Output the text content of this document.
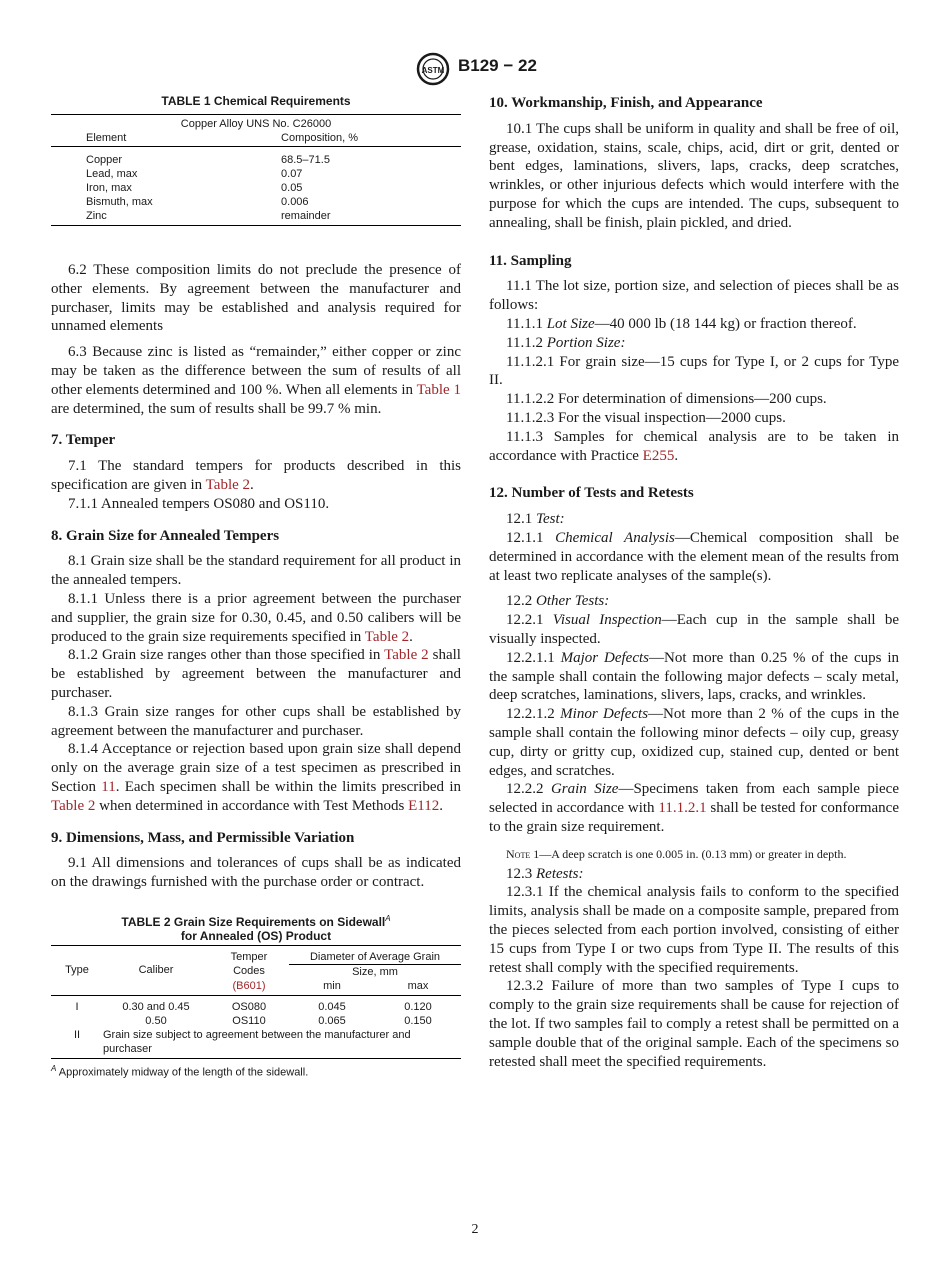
ASTM B129 − 22
TABLE 1 Chemical Requirements
Copper Alloy UNS No. C26000	
Element	Composition, %
Copper	68.5–71.5
Lead, max	0.07
Iron, max	0.05
Bismuth, max	0.006
Zinc	remainder

6.2 These composition limits do not preclude the presence of other elements. By agreement between the manufacturer and purchaser, limits may be established and analysis required for unnamed elements

6.3 Because zinc is listed as “remainder,” either copper or zinc may be taken as the difference between the sum of results of all other elements determined and 100 %. When all elements in Table 1 are determined, the sum of results shall be 99.7 % min.

7. Temper

7.1 The standard tempers for products described in this specification are given in Table 2.

7.1.1 Annealed tempers OS080 and OS110.

8. Grain Size for Annealed Tempers

8.1 Grain size shall be the standard requirement for all product in the annealed tempers.

8.1.1 Unless there is a prior agreement between the purchaser and supplier, the grain size for 0.30, 0.45, and 0.50 calibers will be produced to the grain size requirements specified in Table 2.

8.1.2 Grain size ranges other than those specified in Table 2 shall be established by agreement between the manufacturer and purchaser.

8.1.3 Grain size ranges for other cups shall be established by agreement between the manufacturer and purchaser.

8.1.4 Acceptance or rejection based upon grain size shall depend only on the average grain size of a test specimen as prescribed in Section 11. Each specimen shall be within the limits prescribed in Table 2 when determined in accordance with Test Methods E112.

9. Dimensions, Mass, and Permissible Variation

9.1 All dimensions and tolerances of cups shall be as indicated on the drawings furnished with the purchase order or contract.

TABLE 2 Grain Size Requirements on Sidewall$^A$
for Annealed (OS) Product
Type	Caliber	Temper	Diameter of Average Grain	
		Codes	Size, mm	
		(B601)	min	max
I	0.30 and 0.45	OS080	0.045	0.120
	0.50	OS110	0.065	0.150
II	Grain size subject to agreement between the manufacturer and purchaser			
$^A$ Approximately midway of the length of the sidewall.
10. Workmanship, Finish, and Appearance

10.1 The cups shall be uniform in quality and shall be free of oil, grease, oxidation, stains, scale, chips, acid, dirt or grit, dented or bent edges, laminations, slivers, laps, cracks, deep scratches, wrinkles, or other injurious defects which would interfere with the purpose for which the cups are intended. The cups, subsequent to annealing, shall be finish, plain pickled, and dried.

11. Sampling

11.1 The lot size, portion size, and selection of pieces shall be as follows:

11.1.1 Lot Size—40 000 lb (18 144 kg) or fraction thereof.

11.1.2 Portion Size:

11.1.2.1 For grain size—15 cups for Type I, or 2 cups for Type II.

11.1.2.2 For determination of dimensions—200 cups.

11.1.2.3 For the visual inspection—2000 cups.

11.1.3 Samples for chemical analysis are to be taken in accordance with Practice E255.

12. Number of Tests and Retests

12.1 Test:

12.1.1 Chemical Analysis—Chemical composition shall be determined in accordance with the element mean of the results from at least two replicate analyses of the sample(s).

12.2 Other Tests:

12.2.1 Visual Inspection—Each cup in the sample shall be visually inspected.

12.2.1.1 Major Defects—Not more than 0.25 % of the cups in the sample shall contain the following major defects – scaly metal, deep scratches, laminations, slivers, laps, cracks, and wrinkles.

12.2.1.2 Minor Defects—Not more than 2 % of the cups in the sample shall contain the following minor defects – oily cup, greasy cup, dirty or gritty cup, oxidized cup, stained cup, dented or bent edges, and scratches.

12.2.2 Grain Size—Specimens taken from each sample piece selected in accordance with 11.1.2.1 shall be tested for conformance to the grain size requirement.

Note 1—A deep scratch is one 0.005 in. (0.13 mm) or greater in depth.

12.3 Retests:

12.3.1 If the chemical analysis fails to conform to the specified limits, analysis shall be made on a composite sample, prepared from the pieces selected from each portion involved, consisting of either 15 cups from Type I or two cups from Type II. The results of this retest shall comply with the specified requirements.

12.3.2 Failure of more than two samples of Type I cups to comply to the grain size requirements shall be cause for rejection of the lot. If two samples fail to comply a retest shall be permitted on a sample double that of the original sample. Each of the specimens so retested shall meet the specified requirements.

2
